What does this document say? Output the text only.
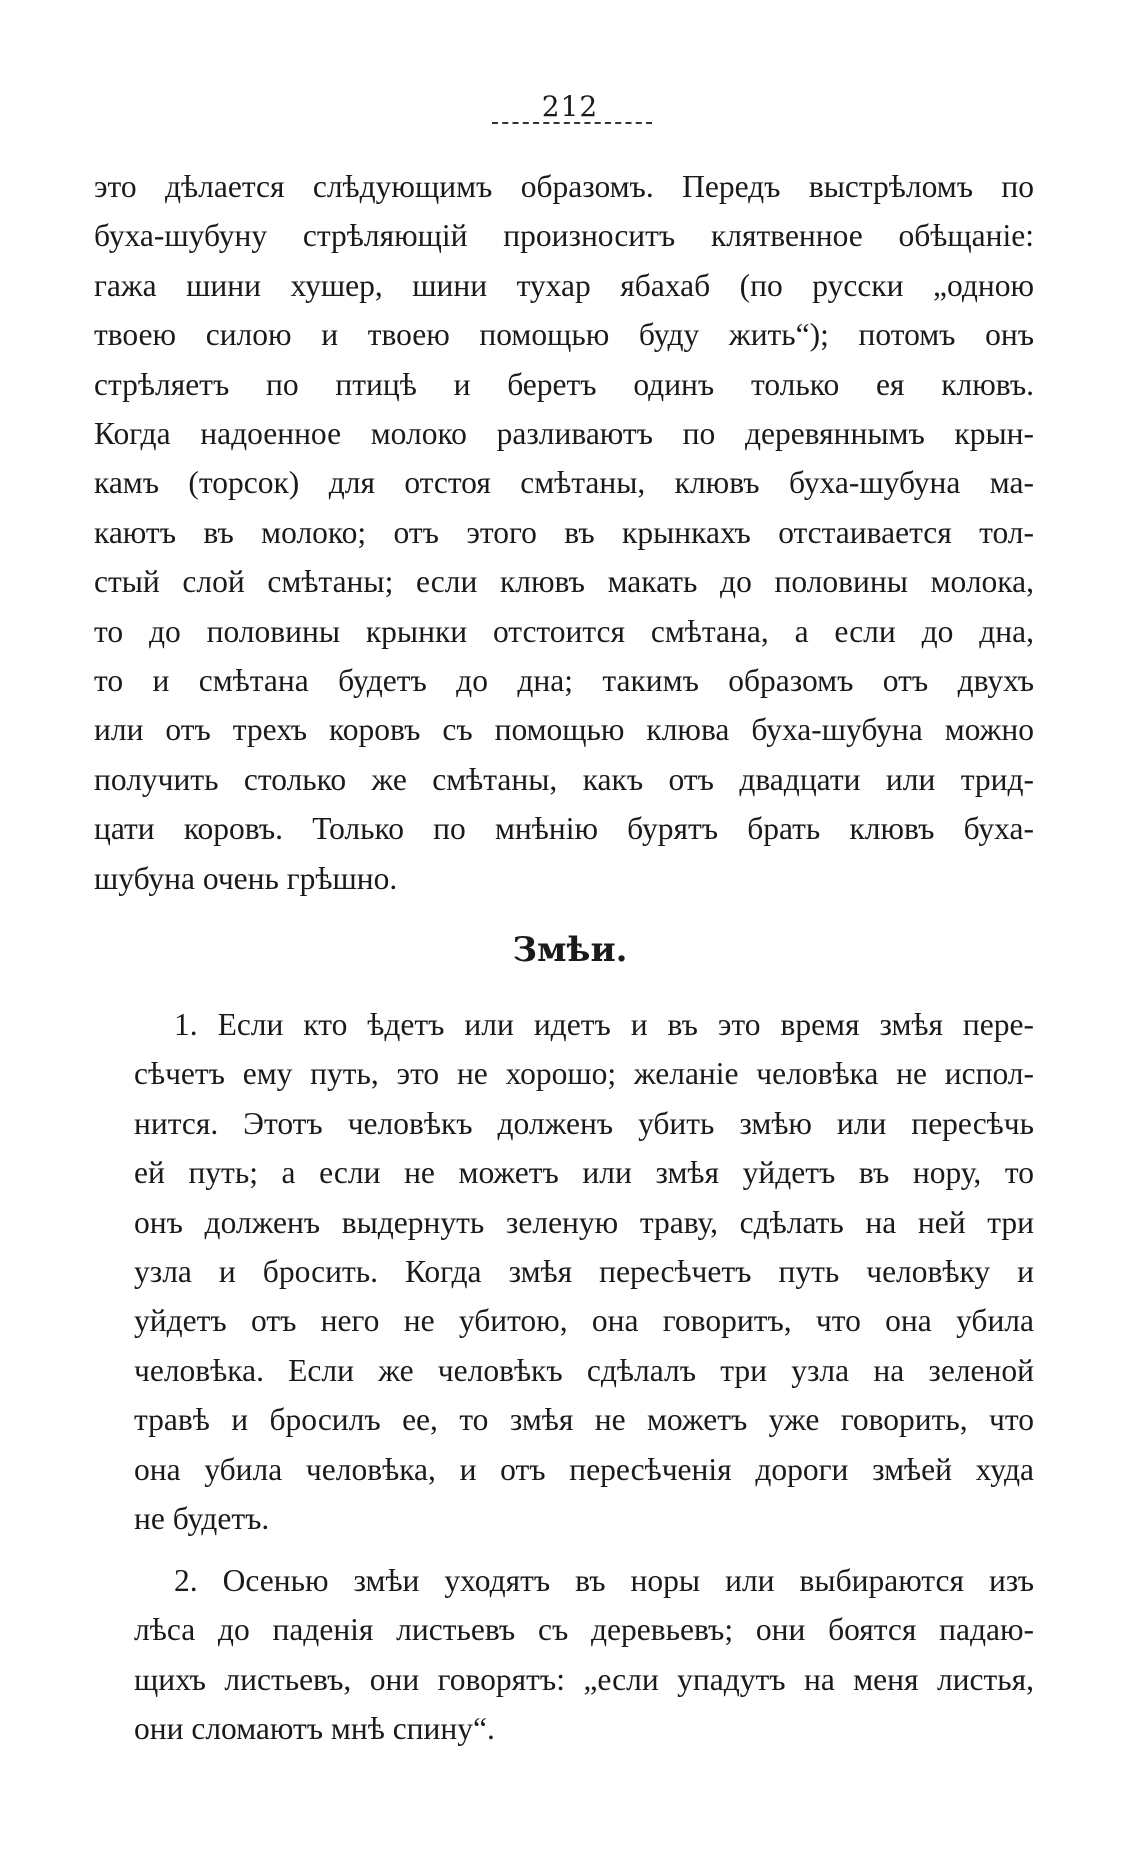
212
это дѣлается слѣдующимъ образомъ. Передъ выстрѣломъ по
буха-шубуну стрѣляющій произноситъ клятвенное обѣщаніе:
гажа шини хушер, шини тухар ябахаб (по русски „одною
твоею силою и твоею помощью буду жить“); потомъ онъ
стрѣляетъ по птицѣ и беретъ одинъ только ея клювъ.
Когда надоенное молоко разливаютъ по деревяннымъ крын-
камъ (торсок) для отстоя смѣтаны, клювъ буха-шубуна ма-
каютъ въ молоко; отъ этого въ крынкахъ отстаивается тол-
стый слой смѣтаны; если клювъ макать до половины молока,
то до половины крынки отстоится смѣтана, а если до дна,
то и смѣтана будетъ до дна; такимъ образомъ отъ двухъ
или отъ трехъ коровъ съ помощью клюва буха-шубуна можно
получить столько же смѣтаны, какъ отъ двадцати или трид-
цати коровъ. Только по мнѣнію бурятъ брать клювъ буха-
шубуна очень грѣшно.
Змѣи.
1. Если кто ѣдетъ или идетъ и въ это время змѣя пере-
сѣчетъ ему путь, это не хорошо; желаніе человѣка не испол-
нится. Этотъ человѣкъ долженъ убить змѣю или пересѣчь
ей путь; а если не можетъ или змѣя уйдетъ въ нору, то
онъ долженъ выдернуть зеленую траву, сдѣлать на ней три
узла и бросить. Когда змѣя пересѣчетъ путь человѣку и
уйдетъ отъ него не убитою, она говоритъ, что она убила
человѣка. Если же человѣкъ сдѣлалъ три узла на зеленой
травѣ и бросилъ ее, то змѣя не можетъ уже говорить, что
она убила человѣка, и отъ пересѣченія дороги змѣей худа
не будетъ.
2. Осенью змѣи уходятъ въ норы или выбираются изъ
лѣса до паденія листьевъ съ деревьевъ; они боятся падаю-
щихъ листьевъ, они говорятъ: „если упадутъ на меня листья,
они сломаютъ мнѣ спину“.
